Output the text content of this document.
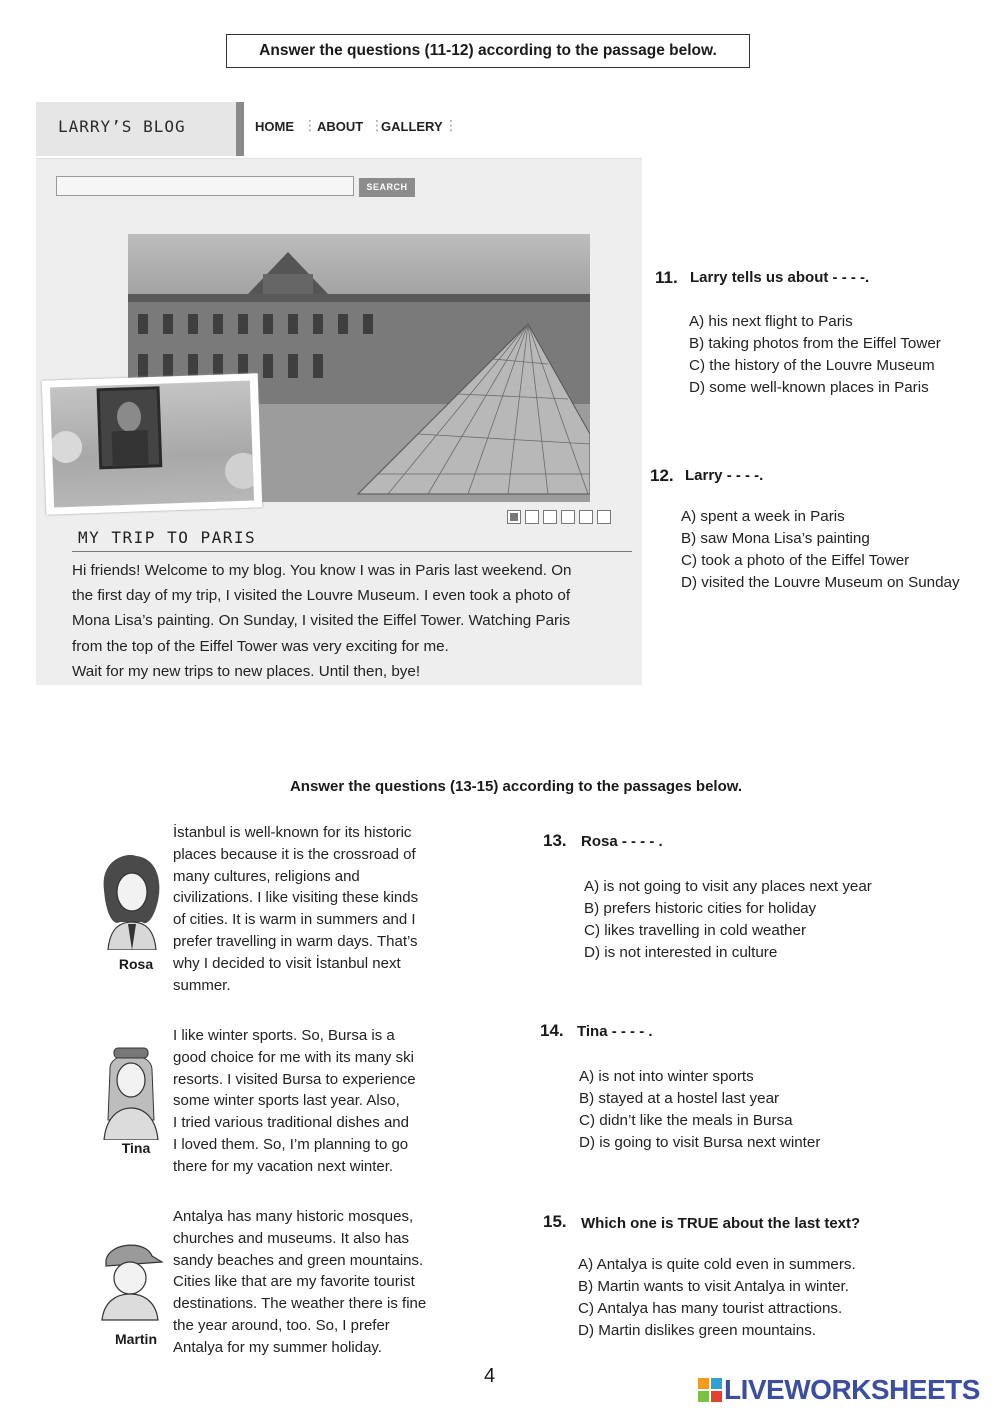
Answer the questions (11-12) according to the passage below.
LARRY’S BLOG	HOME ⋮ ABOUT ⋮
GALLERY ⋮
SEARCH
MY TRIP TO PARIS

Hi friends! Welcome to my blog. You know I was in Paris last weekend. On

the first day of my trip, I visited the Louvre Museum. I even took a photo of

Mona Lisa’s painting. On Sunday, I visited the Eiffel Tower. Watching Paris

from the top of the Eiffel Tower was very exciting for me.

Wait for my new trips to new places. Until then, bye!

11. Larry tells us about - - - -.
A) his next flight to Paris
B) taking photos from the Eiffel Tower
C) the history of the Louvre Museum
D) some well-known places in Paris
12. Larry - - - -.
A) spent a week in Paris
B) saw Mona Lisa’s painting
C) took a photo of the Eiffel Tower
D) visited the Louvre Museum on Sunday
Answer the questions (13-15) according to the passages below.
Rosa
İstanbul is well-known for its historic
places because it is the crossroad of
many cultures, religions and
civilizations. I like visiting these kinds
of cities. It is warm in summers and I
prefer travelling in warm days. That’s
why I decided to visit İstanbul next
summer.
Tina
I like winter sports. So, Bursa is a
good choice for me with its many ski
resorts. I visited Bursa to experience
some winter sports last year. Also,
I tried various traditional dishes and
I loved them. So, I’m planning to go
there for my vacation next winter.
Martin
Antalya has many historic mosques,
churches and museums. It also has
sandy beaches and green mountains.
Cities like that are my favorite tourist
destinations. The weather there is fine
the year around, too. So, I prefer
Antalya for my summer holiday.
13. Rosa - - - - .
A) is not going to visit any places next year
B) prefers historic cities for holiday
C) likes travelling in cold weather
D) is not interested in culture
14. Tina - - - - .
A) is not into winter sports
B) stayed at a hostel last year
C) didn’t like the meals in Bursa
D) is going to visit Bursa next winter
15. Which one is TRUE about the last text?
A) Antalya is quite cold even in summers.
B) Martin wants to visit Antalya in winter.
C) Antalya has many tourist attractions.
D) Martin dislikes green mountains.
4	LIVEWORKSHEETS
